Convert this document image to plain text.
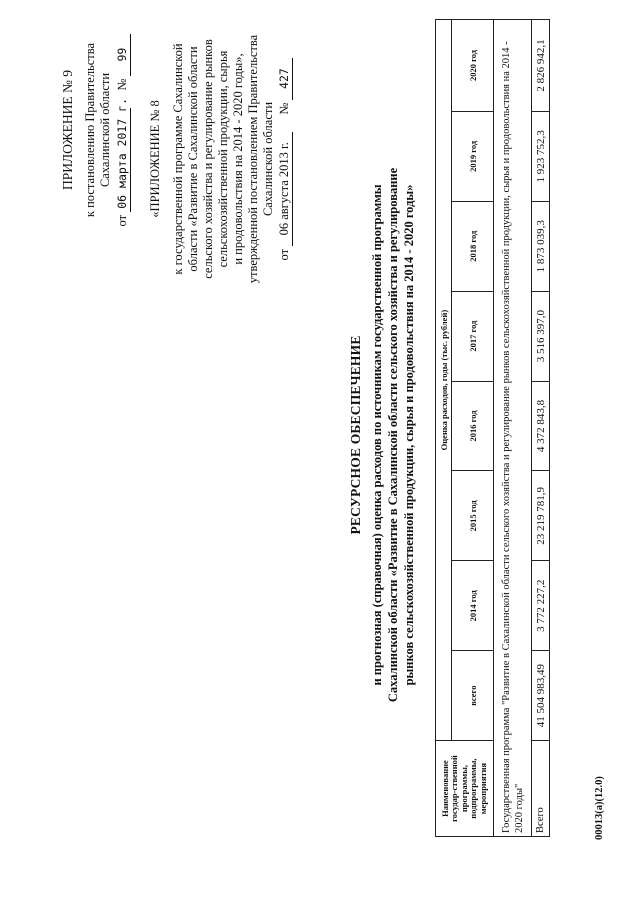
ПРИЛОЖЕНИЕ № 9 к постановлению Правительства Сахалинской области
от 06 марта 2017 г. № 99
«ПРИЛОЖЕНИЕ № 8 к государственной программе Сахалинской области «Развитие в Сахалинской области сельского хозяйства и регулирование рынков сельскохозяйственной продукции, сырья и продовольствия на 2014 - 2020 годы», утвержденной постановлением Правительства Сахалинской области
от 06 августа 2013 г. № 427
РЕСУРСНОЕ ОБЕСПЕЧЕНИЕ и прогнозная (справочная) оценка расходов по источникам государственной программы Сахалинской области «Развитие в Сахалинской области сельского хозяйства и регулирование рынков сельскохозяйственной продукции, сырья и продовольствия на 2014 - 2020 годы»
Наименование государ-ственной программы, подпрограммы, мероприятия	Оценка расходов, годы (тыс. рублей)							
	всего	2014 год	2015 год	2016 год	2017 год	2018 год	2019 год	2020 год
Государственная программа "Развитие в Сахалинской области сельского хозяйства и регулирование рынков сельскохозяйственной продукции, сырья и продовольствия на 2014 - 2020 годы"								
Всего	41 504 983,49	3 772 227,2	23 219 781,9	4 372 843,8	3 516 397,0	1 873 039,3	1 923 752,3	2 826 942,1
00013(а)(12.0)
